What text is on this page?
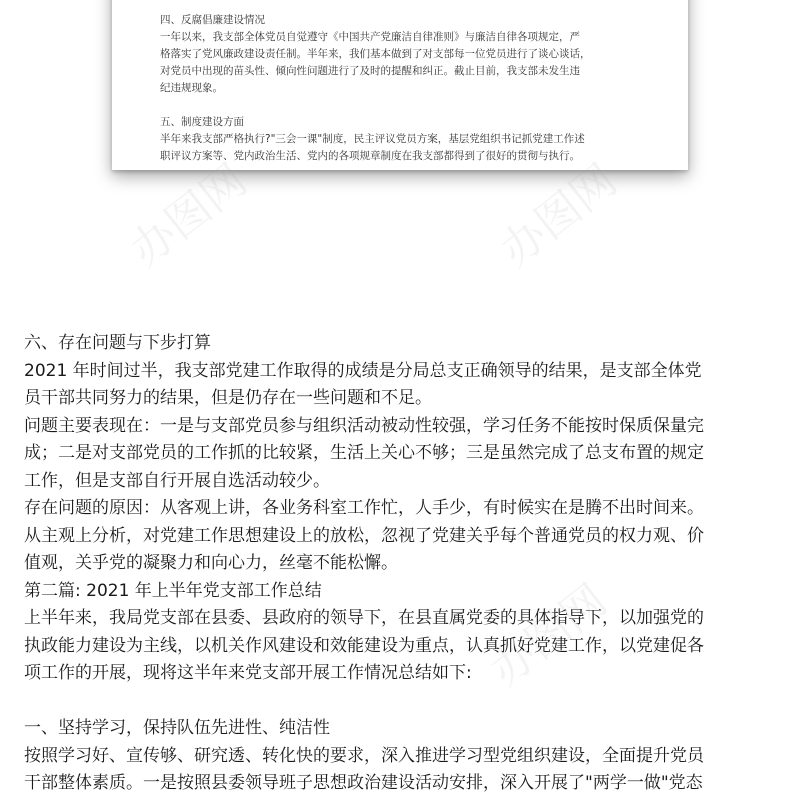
四、反腐倡廉建设情况

一年以来，我支部全体党员自觉遵守《中国共产党廉洁自律准则》与廉洁自律各项规定，严

格落实了党风廉政建设责任制。半年来，我们基本做到了对支部每一位党员进行了谈心谈话，

对党员中出现的苗头性、倾向性问题进行了及时的提醒和纠正。截止目前，我支部未发生违

纪违规现象。

五、制度建设方面

半年来我支部严格执行?"三会一课"制度，民主评议党员方案，基层党组织书记抓党建工作述

职评议方案等、党内政治生活、党内的各项规章制度在我支部都得到了很好的贯彻与执行。

办图网	办图网
办图网

六、存在问题与下步打算

2021 年时间过半，我支部党建工作取得的成绩是分局总支正确领导的结果，是支部全体党

员干部共同努力的结果，但是仍存在一些问题和不足。

问题主要表现在：一是与支部党员参与组织活动被动性较强，学习任务不能按时保质保量完

成；二是对支部党员的工作抓的比较紧，生活上关心不够；三是虽然完成了总支布置的规定

工作，但是支部自行开展自选活动较少。

存在问题的原因：从客观上讲，各业务科室工作忙，人手少，有时候实在是腾不出时间来。

从主观上分析，对党建工作思想建设上的放松，忽视了党建关乎每个普通党员的权力观、价

值观，关乎党的凝聚力和向心力，丝毫不能松懈。

第二篇: 2021 年上半年党支部工作总结

上半年来，我局党支部在县委、县政府的领导下，在县直属党委的具体指导下，以加强党的

执政能力建设为主线，以机关作风建设和效能建设为重点，认真抓好党建工作，以党建促各

项工作的开展，现将这半年来党支部开展工作情况总结如下:

一、坚持学习，保持队伍先进性、纯洁性

按照学习好、宣传够、研究透、转化快的要求，深入推进学习型党组织建设，全面提升党员

干部整体素质。一是按照县委领导班子思想政治建设活动安排，深入开展了"两学一做"党态
